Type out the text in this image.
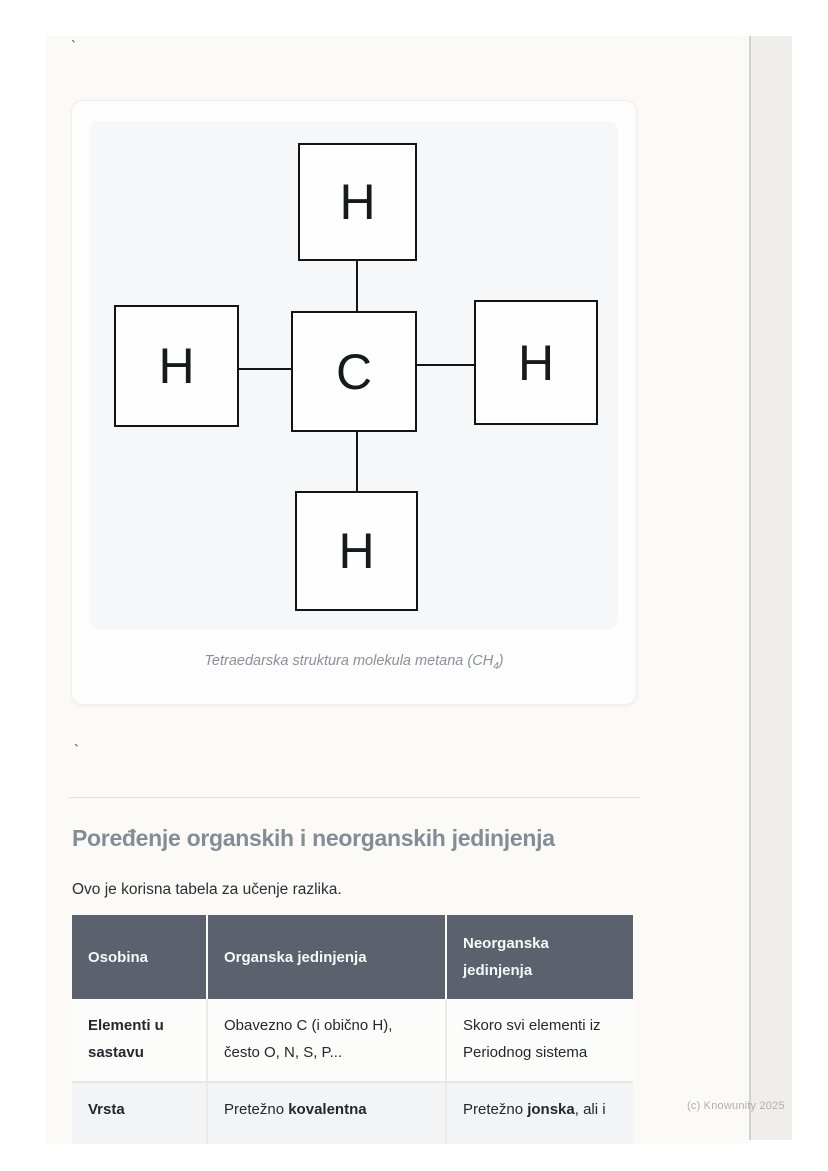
`
H
H	C	H
H
Tetraedarska struktura molekula metana $(CH_4)$
`
Poređenje organskih i neorganskih jedinjenja

Ovo je korisna tabela za učenje razlika.

Osobina	Organska jedinjenja	Neorganska jedinjenja
Elementi u sastavu	Obavezno C (i obično H), često O, N, S, P...	Skoro svi elementi iz Periodnog sistema
Vrsta	Pretežno kovalentna	Pretežno jonska, ali i	(c) Knowunity 2025
